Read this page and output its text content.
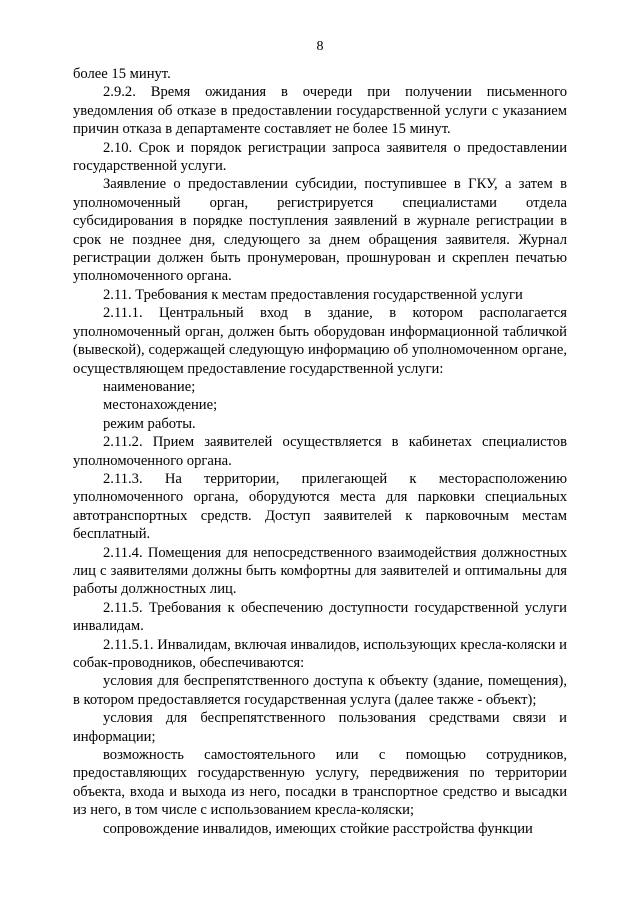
8

более 15 минут.

2.9.2. Время ожидания в очереди при получении письменного уведомления об отказе в предоставлении государственной услуги с указанием причин отказа в департаменте составляет не более 15 минут.

2.10. Срок и порядок регистрации запроса заявителя о предоставлении государственной услуги.

Заявление о предоставлении субсидии, поступившее в ГКУ, а затем в уполномоченный орган, регистрируется специалистами отдела субсидирования в порядке поступления заявлений в журнале регистрации в срок не позднее дня, следующего за днем обращения заявителя. Журнал регистрации должен быть пронумерован, прошнурован и скреплен печатью уполномоченного органа.

2.11. Требования к местам предоставления государственной услуги

2.11.1. Центральный вход в здание, в котором располагается уполномоченный орган, должен быть оборудован информационной табличкой (вывеской), содержащей следующую информацию об уполномоченном органе, осуществляющем предоставление государственной услуги:

наименование;

местонахождение;

режим работы.

2.11.2. Прием заявителей осуществляется в кабинетах специалистов уполномоченного органа.

2.11.3. На территории, прилегающей к месторасположению уполномоченного органа, оборудуются места для парковки специальных автотранспортных средств. Доступ заявителей к парковочным местам бесплатный.

2.11.4. Помещения для непосредственного взаимодействия должностных лиц с заявителями должны быть комфортны для заявителей и оптимальны для работы должностных лиц.

2.11.5. Требования к обеспечению доступности государственной услуги инвалидам.

2.11.5.1. Инвалидам, включая инвалидов, использующих кресла-коляски и собак-проводников, обеспечиваются:

условия для беспрепятственного доступа к объекту (здание, помещения), в котором предоставляется государственная услуга (далее также - объект);

условия для беспрепятственного пользования средствами связи и информации;

возможность самостоятельного или с помощью сотрудников, предоставляющих государственную услугу, передвижения по территории объекта, входа и выхода из него, посадки в транспортное средство и высадки из него, в том числе с использованием кресла-коляски;

сопровождение инвалидов, имеющих стойкие расстройства функции
